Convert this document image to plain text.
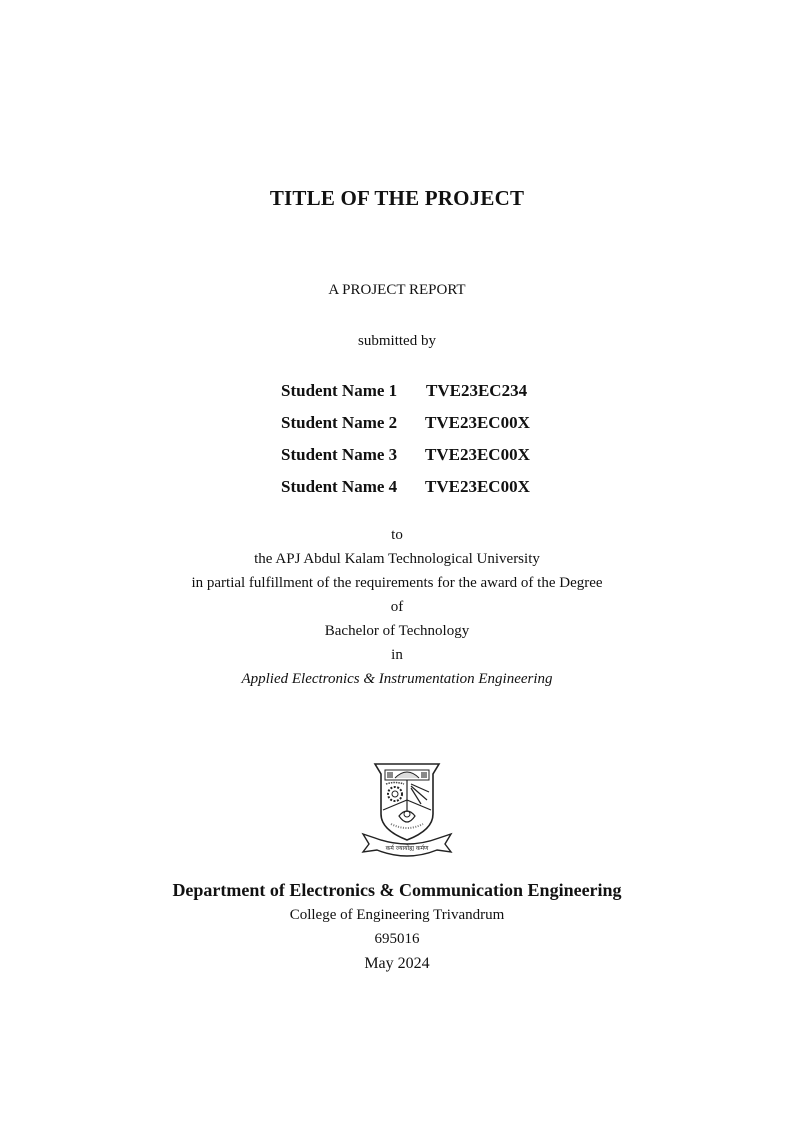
TITLE OF THE PROJECT
A PROJECT REPORT
submitted by
Student Name 1	TVE23EC234
Student Name 2	TVE23EC00X
Student Name 3	TVE23EC00X
Student Name 4	TVE23EC00X
to
the APJ Abdul Kalam Technological University
in partial fulfillment of the requirements for the award of the Degree
of
Bachelor of Technology
in
Applied Electronics & Instrumentation Engineering
कर्म ज्यायोह्य कर्मण
Department of Electronics & Communication Engineering
College of Engineering Trivandrum
695016
May 2024
